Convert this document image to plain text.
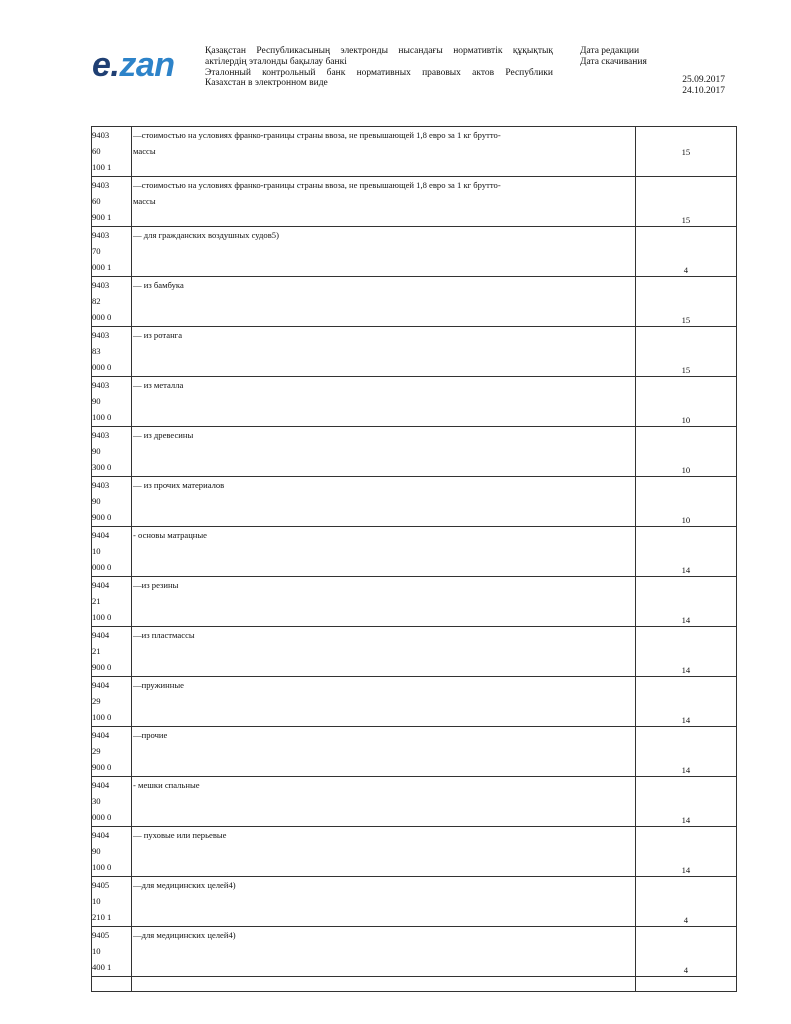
e.zan	Қазақстан Республикасының электронды нысандағы нормативтік құқықтық
актілердің эталонды бақылау банкі
Эталонный контрольный банк нормативных правовых актов Республики
Казахстан в электронном виде
Дата редакции
Дата скачивания
25.09.2017
24.10.2017
9403
60
100 1	—стоимостью на условиях франко-границы страны ввоза, не превышающей 1,8 евро за 1 кг брутто-
массы	15

9403
60
900 1	—стоимостью на условиях франко-границы страны ввоза, не превышающей 1,8 евро за 1 кг брутто-
массы	15

9403
70
000 1	— для гражданских воздушных судов5)	4

9403
82
000 0	— из бамбука	15

9403
83
000 0	— из ротанга	15

9403
90
100 0	— из металла	10

9403
90
300 0	— из древесины	10

9403
90
900 0	— из прочих материалов	10

9404
10
000 0	- основы матрацные	14

9404
21
100 0	—из резины	14

9404
21
900 0	—из пластмассы	14

9404
29
100 0	—пружинные	14

9404
29
900 0	—прочие	14

9404
30
000 0	- мешки спальные	14

9404
90
100 0	— пуховые или перьевые	14

9405
10
210 1	—для медицинских целей4)	4

9405
10
400 1	—для медицинских целей4)	4
